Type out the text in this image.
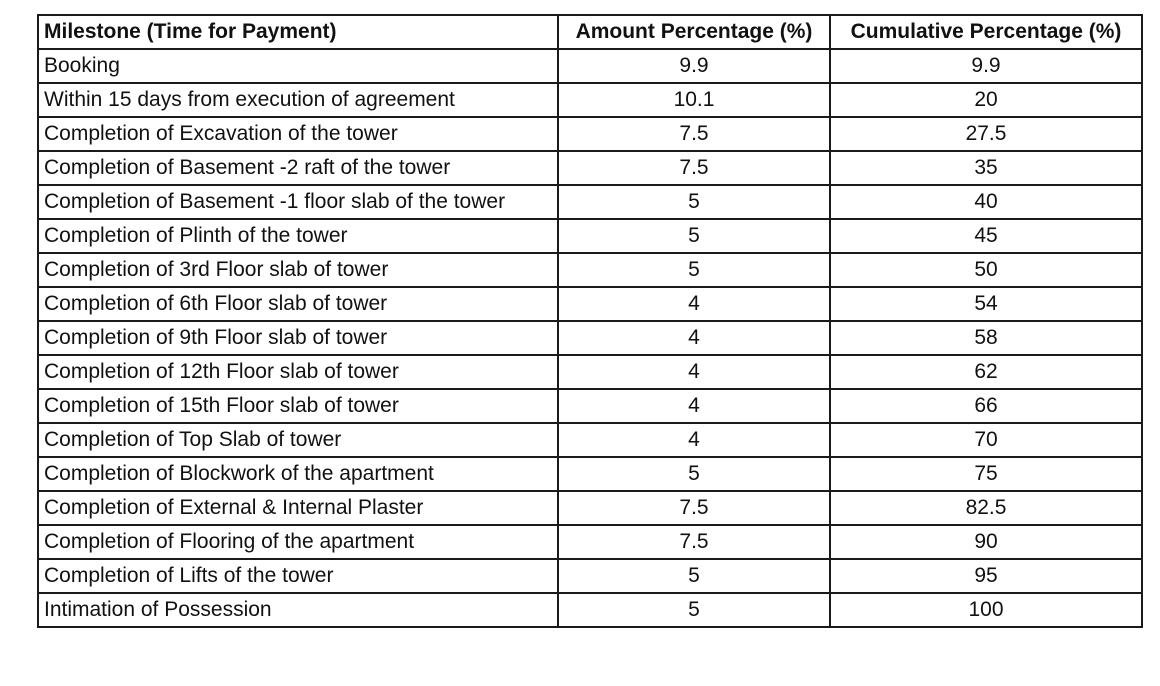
Milestone (Time for Payment)	Amount Percentage (%)	Cumulative Percentage (%)
Booking	9.9	9.9
Within 15 days from execution of agreement	10.1	20
Completion of Excavation of the tower	7.5	27.5
Completion of Basement -2 raft of the tower	7.5	35
Completion of Basement -1 floor slab of the tower	5	40
Completion of Plinth of the tower	5	45
Completion of 3rd Floor slab of tower	5	50
Completion of 6th Floor slab of tower	4	54
Completion of 9th Floor slab of tower	4	58
Completion of 12th Floor slab of tower	4	62
Completion of 15th Floor slab of tower	4	66
Completion of Top Slab of tower	4	70
Completion of Blockwork of the apartment	5	75
Completion of External & Internal Plaster	7.5	82.5
Completion of Flooring of the apartment	7.5	90
Completion of Lifts of the tower	5	95
Intimation of Possession	5	100
